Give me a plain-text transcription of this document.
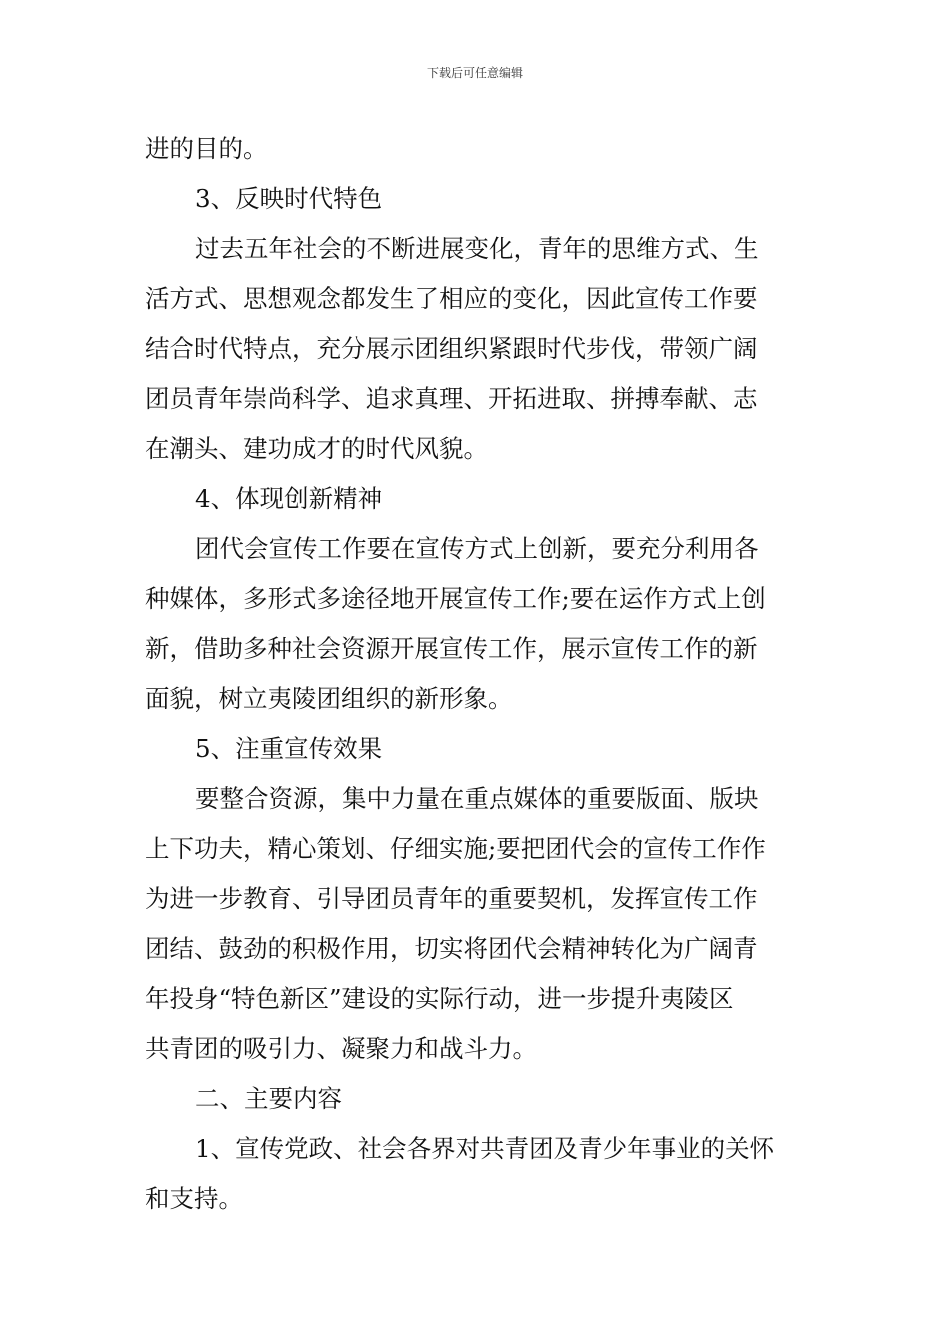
下载后可任意编辑
进的目的。
3、反映时代特色
过去五年社会的不断进展变化，青年的思维方式、生
活方式、思想观念都发生了相应的变化，因此宣传工作要
结合时代特点，充分展示团组织紧跟时代步伐，带领广阔
团员青年崇尚科学、追求真理、开拓进取、拼搏奉献、志
在潮头、建功成才的时代风貌。
4、体现创新精神
团代会宣传工作要在宣传方式上创新，要充分利用各
种媒体，多形式多途径地开展宣传工作;要在运作方式上创
新，借助多种社会资源开展宣传工作，展示宣传工作的新
面貌，树立夷陵团组织的新形象。
5、注重宣传效果
要整合资源，集中力量在重点媒体的重要版面、版块
上下功夫，精心策划、仔细实施;要把团代会的宣传工作作
为进一步教育、引导团员青年的重要契机，发挥宣传工作
团结、鼓劲的积极作用，切实将团代会精神转化为广阔青
年投身“特色新区”建设的实际行动，进一步提升夷陵区
共青团的吸引力、凝聚力和战斗力。
二、主要内容
1、宣传党政、社会各界对共青团及青少年事业的关怀
和支持。
